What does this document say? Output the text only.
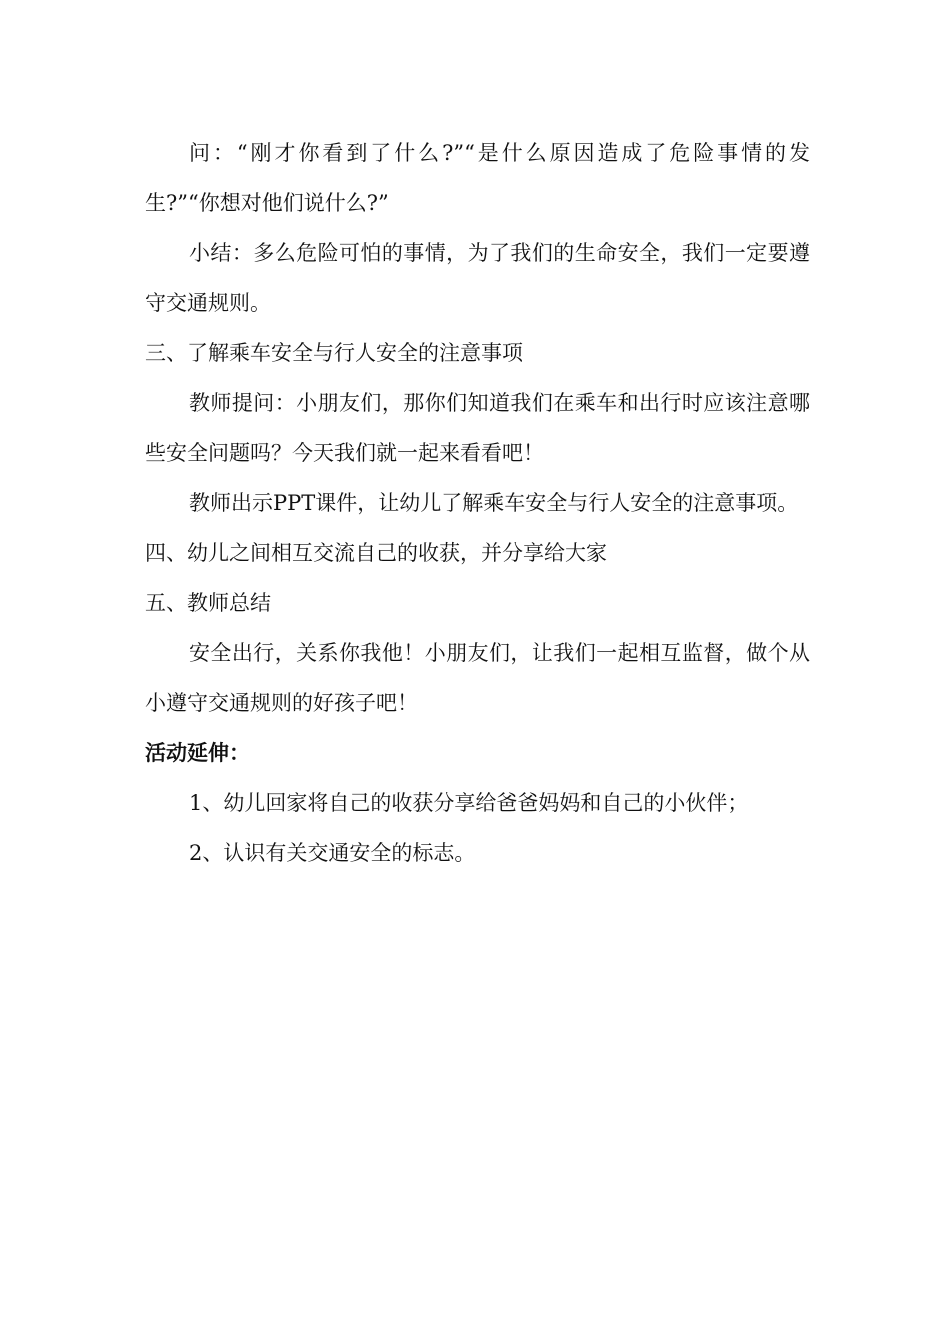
问：“刚才你看到了什么?”“是什么原因造成了危险事情的发生?”“你想对他们说什么?”

小结：多么危险可怕的事情，为了我们的生命安全，我们一定要遵守交通规则。

三、了解乘车安全与行人安全的注意事项

教师提问：小朋友们，那你们知道我们在乘车和出行时应该注意哪些安全问题吗？今天我们就一起来看看吧！

教师出示PPT课件，让幼儿了解乘车安全与行人安全的注意事项。

四、幼儿之间相互交流自己的收获，并分享给大家

五、教师总结

安全出行，关系你我他！小朋友们，让我们一起相互监督，做个从小遵守交通规则的好孩子吧！

活动延伸：

1、幼儿回家将自己的收获分享给爸爸妈妈和自己的小伙伴；

2、认识有关交通安全的标志。
